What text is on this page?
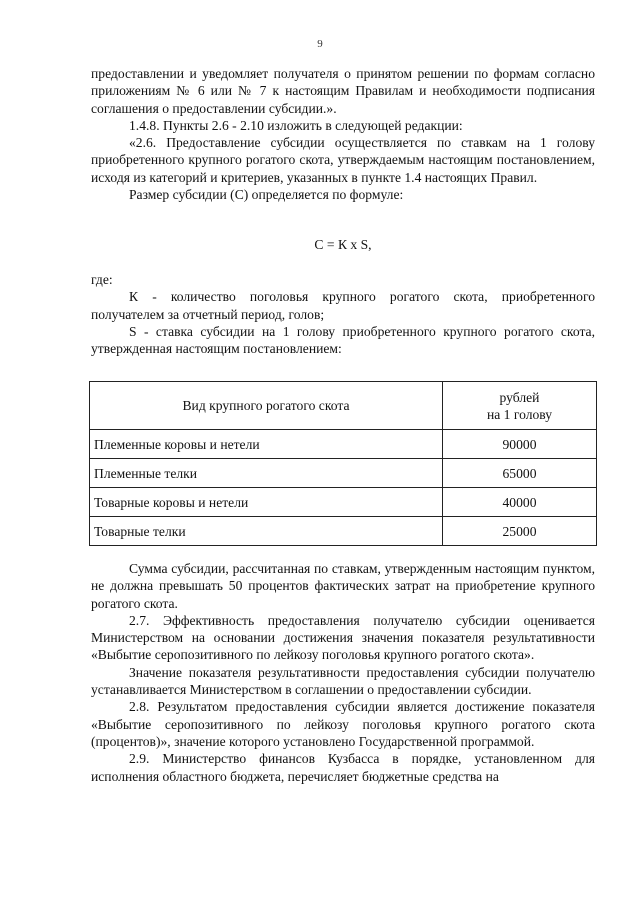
9

предоставлении и уведомляет получателя о принятом решении по формам согласно приложениям № 6 или № 7 к настоящим Правилам и необходимости подписания соглашения о предоставлении субсидии.».

1.4.8. Пункты 2.6 - 2.10 изложить в следующей редакции:

«2.6. Предоставление субсидии осуществляется по ставкам на 1 голову приобретенного крупного рогатого скота, утверждаемым настоящим постановлением, исходя из категорий и критериев, указанных в пункте 1.4 настоящих Правил.

Размер субсидии (С) определяется по формуле:

С = К x S,

где:

К - количество поголовья крупного рогатого скота, приобретенного получателем за отчетный период, голов;

S - ставка субсидии на 1 голову приобретенного крупного рогатого скота, утвержденная настоящим постановлением:

Вид крупного рогатого скота	рублей
на 1 голову
Племенные коровы и нетели	90000
Племенные телки	65000
Товарные коровы и нетели	40000
Товарные телки	25000

Сумма субсидии, рассчитанная по ставкам, утвержденным настоящим пунктом, не должна превышать 50 процентов фактических затрат на приобретение крупного рогатого скота.

2.7. Эффективность предоставления получателю субсидии оценивается Министерством на основании достижения значения показателя результативности «Выбытие серопозитивного по лейкозу поголовья крупного рогатого скота».

Значение показателя результативности предоставления субсидии получателю устанавливается Министерством в соглашении о предоставлении субсидии.

2.8. Результатом предоставления субсидии является достижение показателя «Выбытие серопозитивного по лейкозу поголовья крупного рогатого скота (процентов)», значение которого установлено Государственной программой.

2.9. Министерство финансов Кузбасса в порядке, установленном для исполнения областного бюджета, перечисляет бюджетные средства на
